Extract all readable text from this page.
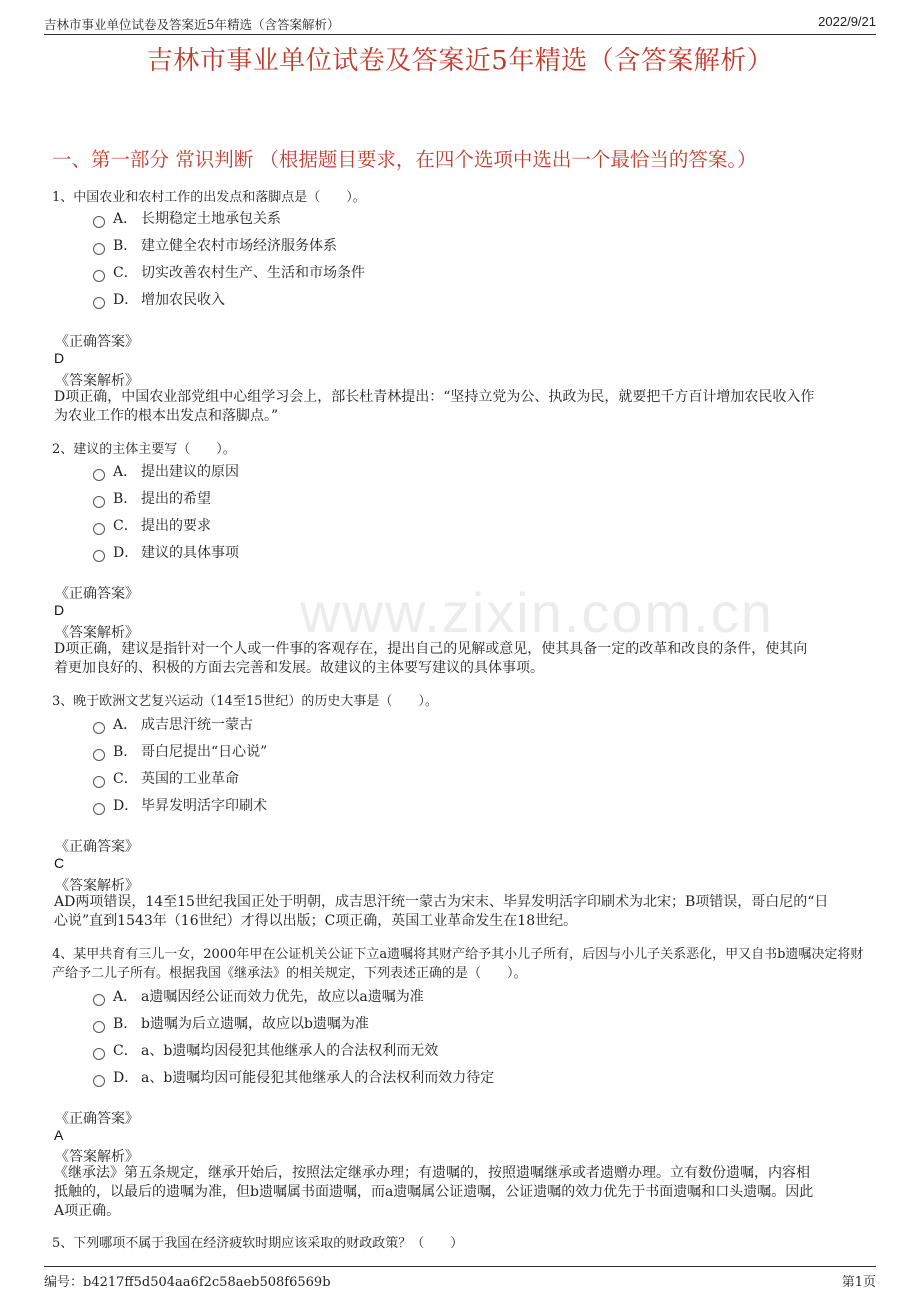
吉林市事业单位试卷及答案近5年精选（含答案解析）	2022/9/21
吉林市事业单位试卷及答案近5年精选（含答案解析）
一、第一部分 常识判断 （根据题目要求，在四个选项中选出一个最恰当的答案。）
www.zixin.com.cn
1、中国农业和农村工作的出发点和落脚点是（　　）。
A． 长期稳定土地承包关系
B． 建立健全农村市场经济服务体系
C． 切实改善农村生产、生活和市场条件
D． 增加农民收入
《正确答案》
D
《答案解析》
D项正确，中国农业部党组中心组学习会上，部长杜青林提出：“坚持立党为公、执政为民，就要把千方百计增加农民收入作
为农业工作的根本出发点和落脚点。”
2、建议的主体主要写（　　）。
A． 提出建议的原因
B． 提出的希望
C． 提出的要求
D． 建议的具体事项
《正确答案》
D
《答案解析》
D项正确，建议是指针对一个人或一件事的客观存在，提出自己的见解或意见，使其具备一定的改革和改良的条件，使其向
着更加良好的、积极的方面去完善和发展。故建议的主体要写建议的具体事项。
3、晚于欧洲文艺复兴运动（14至15世纪）的历史大事是（　　）。
A． 成吉思汗统一蒙古
B． 哥白尼提出“日心说”
C． 英国的工业革命
D． 毕昇发明活字印刷术
《正确答案》
C
《答案解析》
AD两项错误，14至15世纪我国正处于明朝，成吉思汗统一蒙古为宋末、毕昇发明活字印刷术为北宋；B项错误，哥白尼的“日
心说”直到1543年（16世纪）才得以出版；C项正确，英国工业革命发生在18世纪。
4、某甲共育有三儿一女，2000年甲在公证机关公证下立a遗嘱将其财产给予其小儿子所有，后因与小儿子关系恶化，甲又自书b遗嘱决定将财
产给予二儿子所有。根据我国《继承法》的相关规定，下列表述正确的是（　　）。
A． a遗嘱因经公证而效力优先，故应以a遗嘱为准
B． b遗嘱为后立遗嘱，故应以b遗嘱为准
C． a、b遗嘱均因侵犯其他继承人的合法权利而无效
D． a、b遗嘱均因可能侵犯其他继承人的合法权利而效力待定
《正确答案》
A
《答案解析》
《继承法》第五条规定，继承开始后，按照法定继承办理；有遗嘱的，按照遗嘱继承或者遗赠办理。立有数份遗嘱，内容相
抵触的，以最后的遗嘱为准，但b遗嘱属书面遗嘱，而a遗嘱属公证遗嘱，公证遗嘱的效力优先于书面遗嘱和口头遗嘱。因此
A项正确。
5、下列哪项不属于我国在经济疲软时期应该采取的财政政策？（　　）
编号：b4217ff5d504aa6f2c58aeb508f6569b	第1页
